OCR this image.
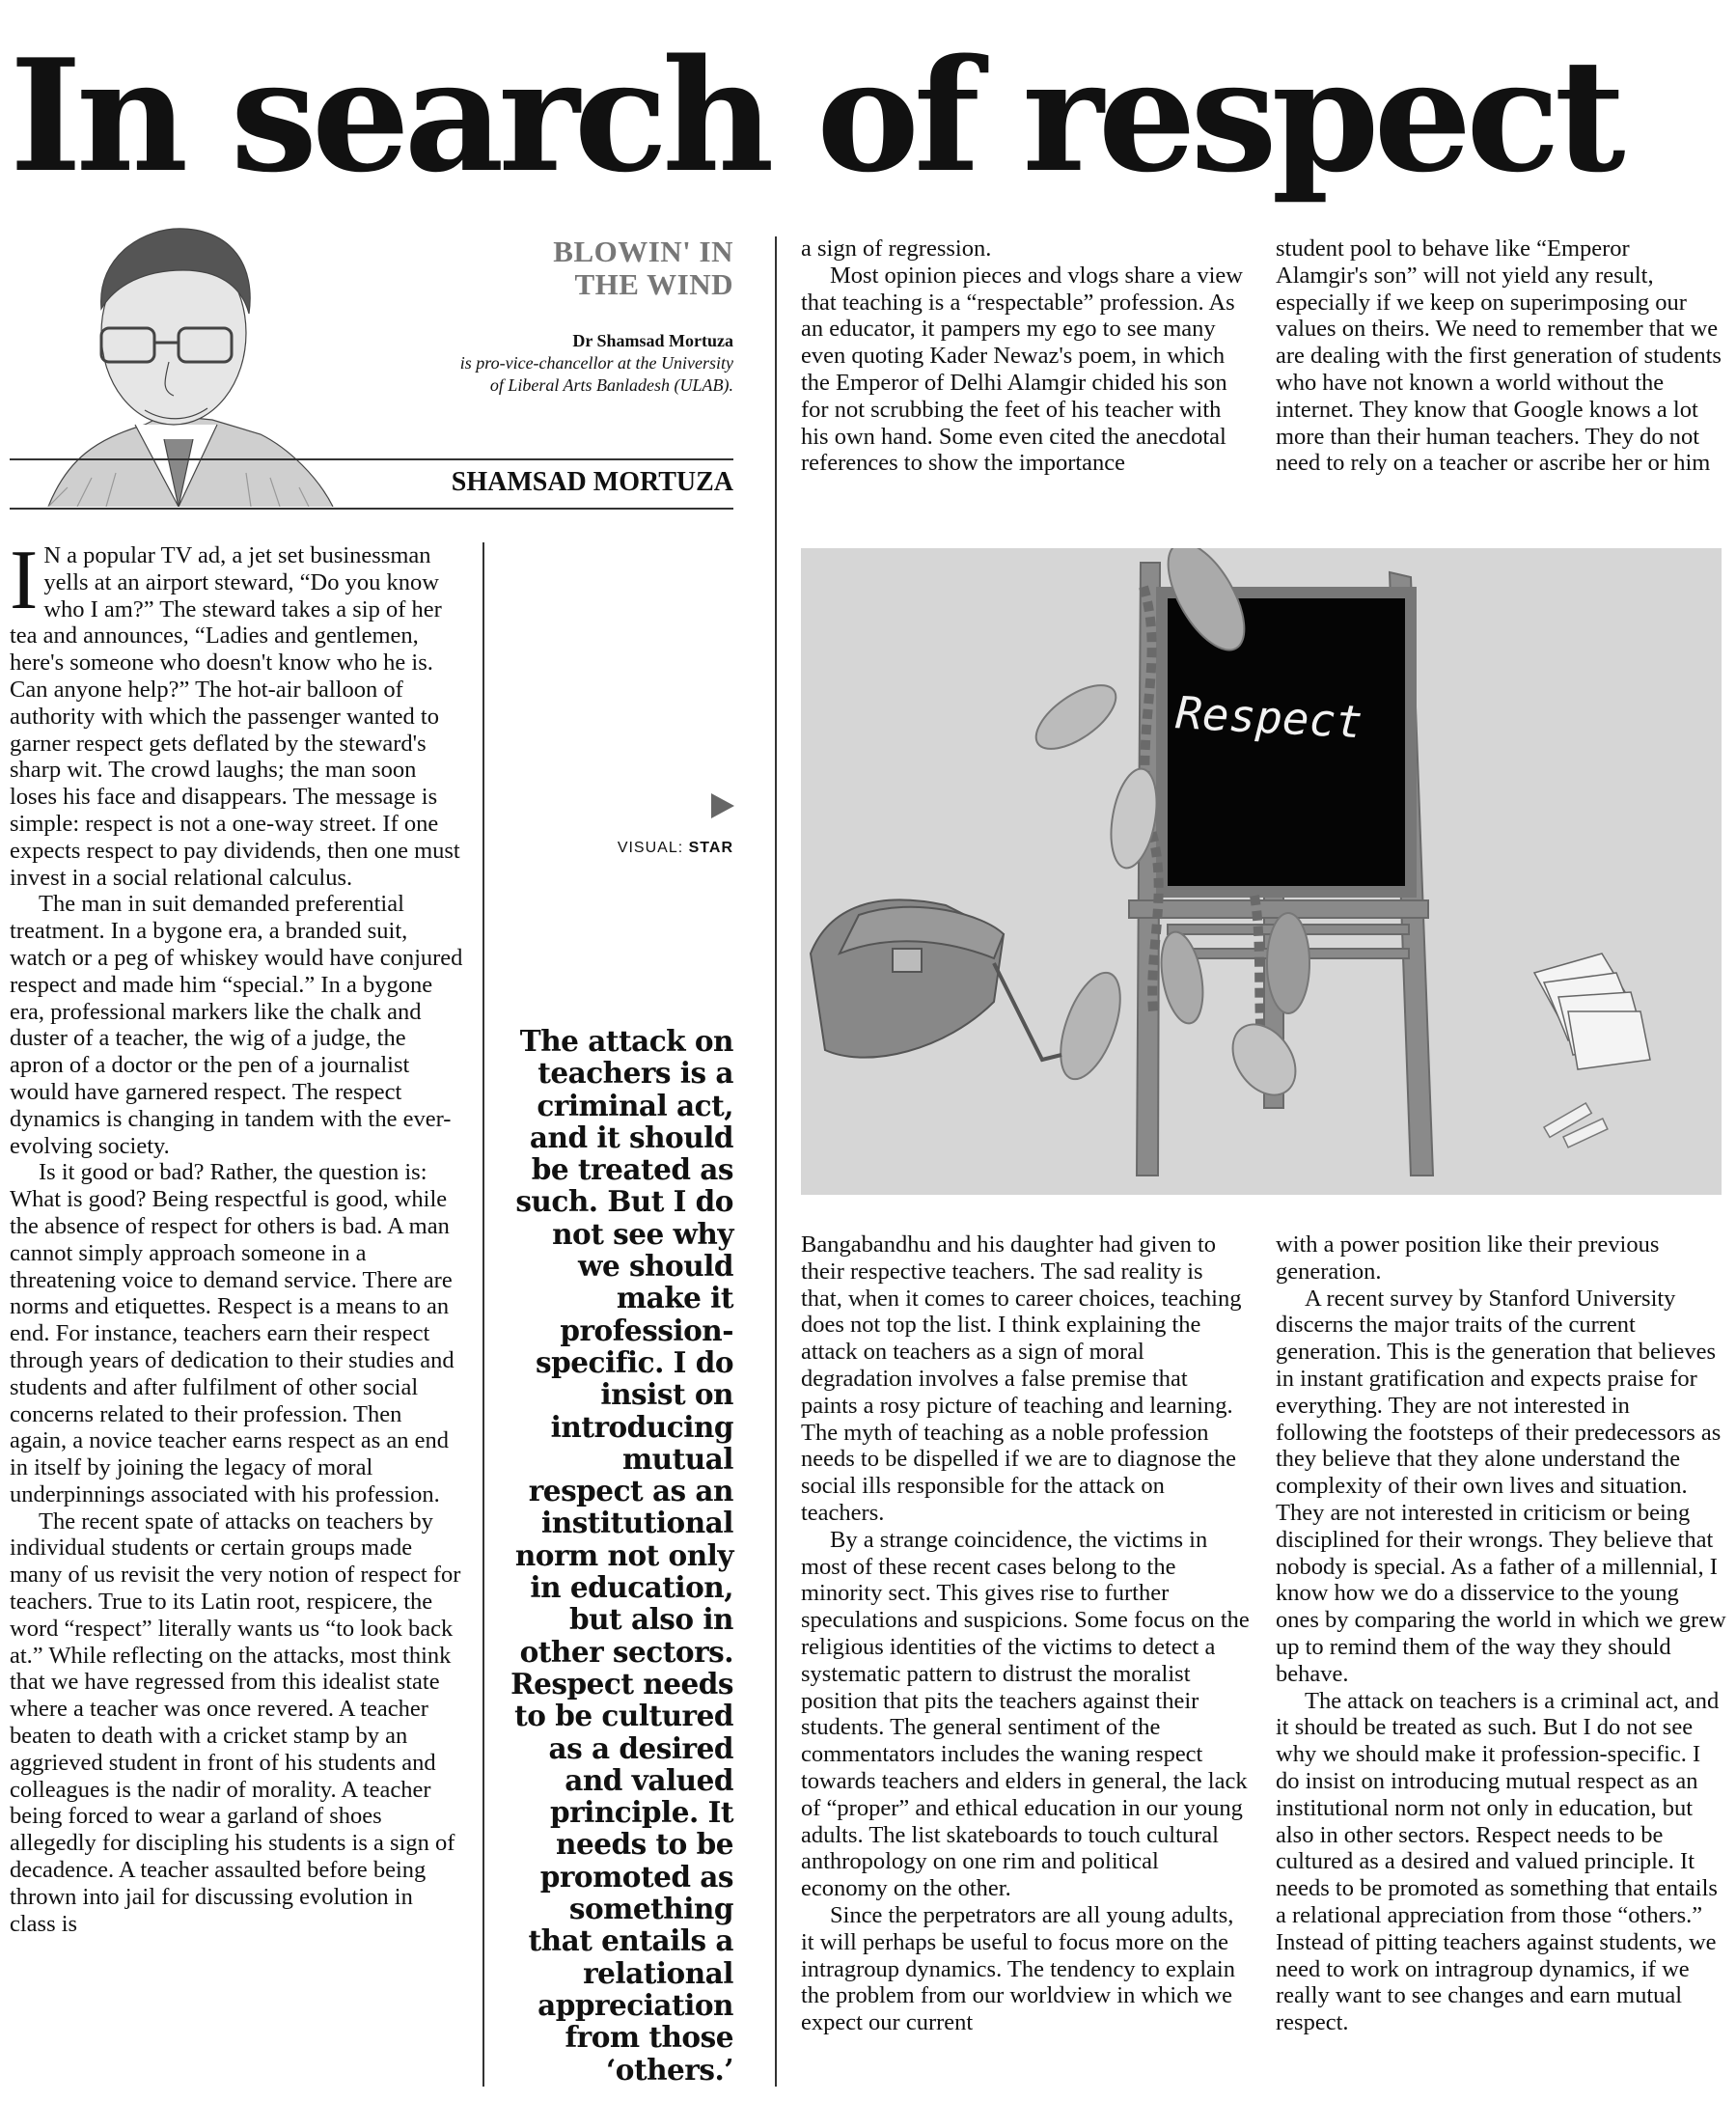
In search of respect
BLOWIN' IN THE WIND
Dr Shamsad Mortuza
is pro-vice-chancellor at the University of Liberal Arts Banladesh (ULAB).
SHAMSAD MORTUZA

I N a popular TV ad, a jet set businessman yells at an airport steward, “Do you know who I am?” The steward takes a sip of her tea and announces, “Ladies and gentlemen, here's someone who doesn't know who he is. Can anyone help?” The hot-air balloon of authority with which the passenger wanted to garner respect gets deflated by the steward's sharp wit. The crowd laughs; the man soon loses his face and disappears. The message is simple: respect is not a one-way street. If one expects respect to pay dividends, then one must invest in a social relational calculus.

The man in suit demanded preferential treatment. In a bygone era, a branded suit, watch or a peg of whiskey would have conjured respect and made him “special.” In a bygone era, professional markers like the chalk and duster of a teacher, the wig of a judge, the apron of a doctor or the pen of a journalist would have garnered respect. The respect dynamics is changing in tandem with the ever-evolving society.

Is it good or bad? Rather, the question is: What is good? Being respectful is good, while the absence of respect for others is bad. A man cannot simply approach someone in a threatening voice to demand service. There are norms and etiquettes. Respect is a means to an end. For instance, teachers earn their respect through years of dedication to their studies and students and after fulfilment of other social concerns related to their profession. Then again, a novice teacher earns respect as an end in itself by joining the legacy of moral underpinnings associated with his profession.

The recent spate of attacks on teachers by individual students or certain groups made many of us revisit the very notion of respect for teachers. True to its Latin root, respicere, the word “respect” literally wants us “to look back at.” While reflecting on the attacks, most think that we have regressed from this idealist state where a teacher was once revered. A teacher beaten to death with a cricket stamp by an aggrieved student in front of his students and colleagues is the nadir of morality. A teacher being forced to wear a garland of shoes allegedly for discipling his students is a sign of decadence. A teacher assaulted before being thrown into jail for discussing evolution in class is

VISUAL: STAR
The attack on teachers is a criminal act, and it should be treated as such. But I do not see why we should make it profession-specific. I do insist on introducing mutual respect as an institutional norm not only in education, but also in other sectors. Respect needs to be cultured as a desired and valued principle. It needs to be promoted as something that entails a relational appreciation from those ‘others.’

a sign of regression.

Most opinion pieces and vlogs share a view that teaching is a “respectable” profession. As an educator, it pampers my ego to see many even quoting Kader Newaz's poem, in which the Emperor of Delhi Alamgir chided his son for not scrubbing the feet of his teacher with his own hand. Some even cited the anecdotal references to show the importance

student pool to behave like “Emperor Alamgir's son” will not yield any result, especially if we keep on superimposing our values on theirs. We need to remember that we are dealing with the first generation of students who have not known a world without the internet. They know that Google knows a lot more than their human teachers. They do not need to rely on a teacher or ascribe her or him

Respect

Bangabandhu and his daughter had given to their respective teachers. The sad reality is that, when it comes to career choices, teaching does not top the list. I think explaining the attack on teachers as a sign of moral degradation involves a false premise that paints a rosy picture of teaching and learning. The myth of teaching as a noble profession needs to be dispelled if we are to diagnose the social ills responsible for the attack on teachers.

By a strange coincidence, the victims in most of these recent cases belong to the minority sect. This gives rise to further speculations and suspicions. Some focus on the religious identities of the victims to detect a systematic pattern to distrust the moralist position that pits the teachers against their students. The general sentiment of the commentators includes the waning respect towards teachers and elders in general, the lack of “proper” and ethical education in our young adults. The list skateboards to touch cultural anthropology on one rim and political economy on the other.

Since the perpetrators are all young adults, it will perhaps be useful to focus more on the intragroup dynamics. The tendency to explain the problem from our worldview in which we expect our current

with a power position like their previous generation.

A recent survey by Stanford University discerns the major traits of the current generation. This is the generation that believes in instant gratification and expects praise for everything. They are not interested in following the footsteps of their predecessors as they believe that they alone understand the complexity of their own lives and situation. They are not interested in criticism or being disciplined for their wrongs. They believe that nobody is special. As a father of a millennial, I know how we do a disservice to the young ones by comparing the world in which we grew up to remind them of the way they should behave.

The attack on teachers is a criminal act, and it should be treated as such. But I do not see why we should make it profession-specific. I do insist on introducing mutual respect as an institutional norm not only in education, but also in other sectors. Respect needs to be cultured as a desired and valued principle. It needs to be promoted as something that entails a relational appreciation from those “others.” Instead of pitting teachers against students, we need to work on intragroup dynamics, if we really want to see changes and earn mutual respect.
